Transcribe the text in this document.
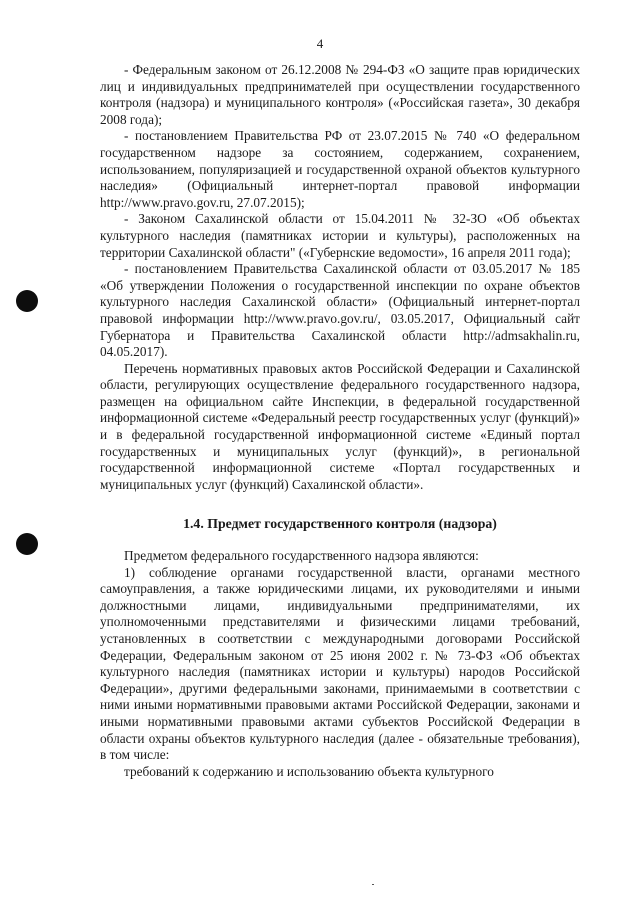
4

- Федеральным законом от 26.12.2008 № 294-ФЗ «О защите прав юридических лиц и индивидуальных предпринимателей при осуществлении государственного контроля (надзора) и муниципального контроля» («Российская газета», 30 декабря 2008 года);

- постановлением Правительства РФ от 23.07.2015 № 740 «О федеральном государственном надзоре за состоянием, содержанием, сохранением, использованием, популяризацией и государственной охраной объектов культурного наследия» (Официальный интернет-портал правовой информации http://www.pravo.gov.ru, 27.07.2015);

- Законом Сахалинской области от 15.04.2011 № 32-ЗО «Об объектах культурного наследия (памятниках истории и культуры), расположенных на территории Сахалинской области" («Губернские ведомости», 16 апреля 2011 года);

- постановлением Правительства Сахалинской области от 03.05.2017 № 185 «Об утверждении Положения о государственной инспекции по охране объектов культурного наследия Сахалинской области» (Официальный интернет-портал правовой информации http://www.pravo.gov.ru/, 03.05.2017, Официальный сайт Губернатора и Правительства Сахалинской области http://admsakhalin.ru, 04.05.2017).

Перечень нормативных правовых актов Российской Федерации и Сахалинской области, регулирующих осуществление федерального государственного надзора, размещен на официальном сайте Инспекции, в федеральной государственной информационной системе «Федеральный реестр государственных услуг (функций)» и в федеральной государственной информационной системе «Единый портал государственных и муниципальных услуг (функций)», в региональной государственной информационной системе «Портал государственных и муниципальных услуг (функций) Сахалинской области».

1.4. Предмет государственного контроля (надзора)

Предметом федерального государственного надзора являются:

1) соблюдение органами государственной власти, органами местного самоуправления, а также юридическими лицами, их руководителями и иными должностными лицами, индивидуальными предпринимателями, их уполномоченными представителями и физическими лицами требований, установленных в соответствии с международными договорами Российской Федерации, Федеральным законом от 25 июня 2002 г. № 73-ФЗ «Об объектах культурного наследия (памятниках истории и культуры) народов Российской Федерации», другими федеральными законами, принимаемыми в соответствии с ними иными нормативными правовыми актами Российской Федерации, законами и иными нормативными правовыми актами субъектов Российской Федерации в области охраны объектов культурного наследия (далее - обязательные требования), в том числе:

требований к содержанию и использованию объекта культурного
